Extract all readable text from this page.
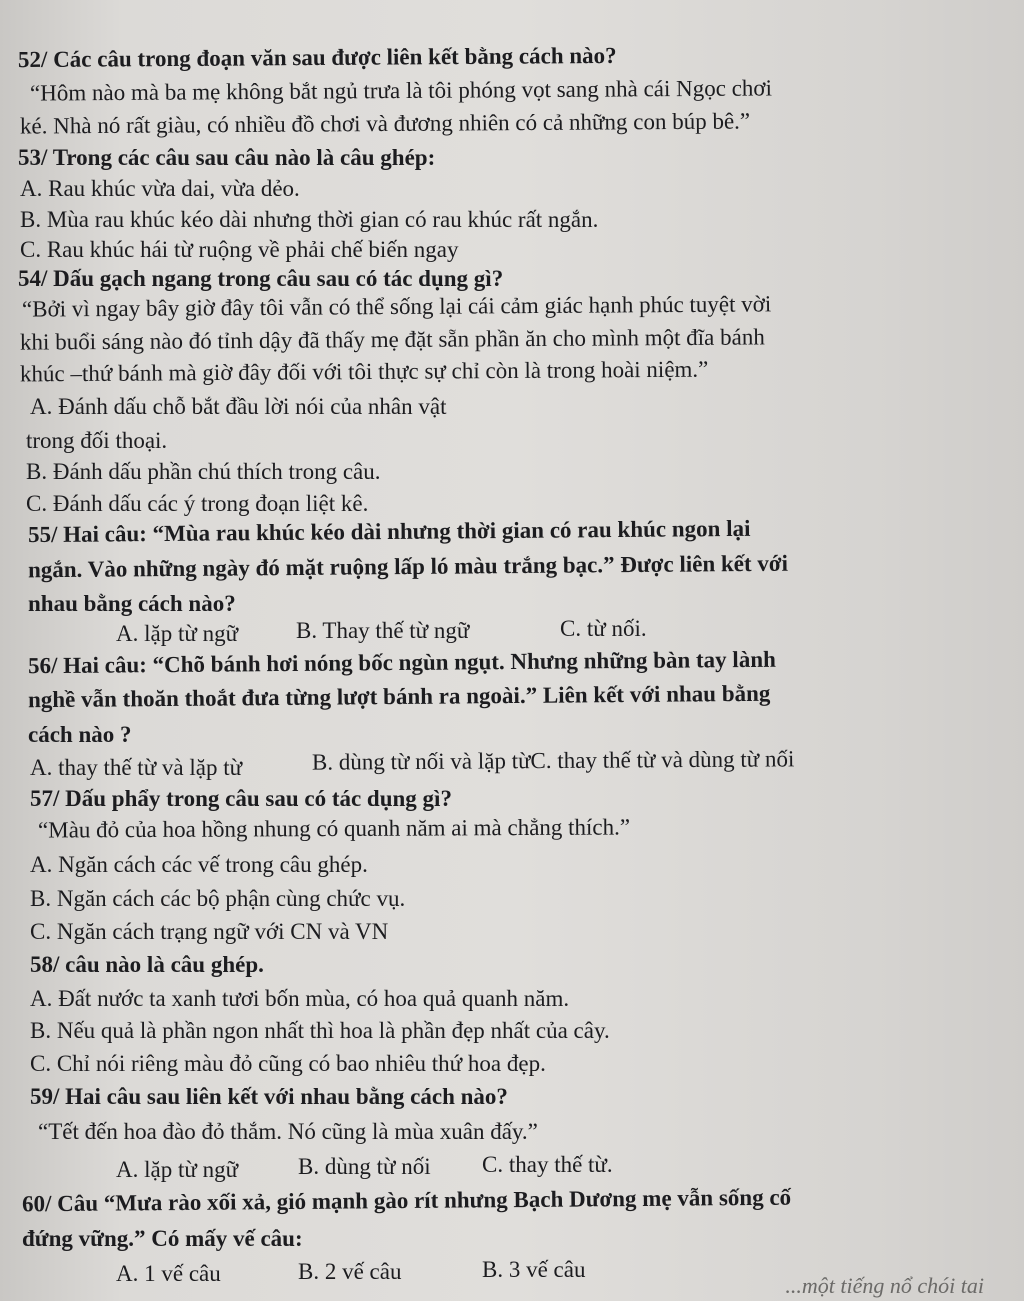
52/ Các câu trong đoạn văn sau được liên kết bằng cách nào?
“Hôm nào mà ba mẹ không bắt ngủ trưa là tôi phóng vọt sang nhà cái Ngọc chơi
ké. Nhà nó rất giàu, có nhiều đồ chơi và đương nhiên có cả những con búp bê.”
53/ Trong các câu sau câu nào là câu ghép:
A. Rau khúc vừa dai, vừa dẻo.
B. Mùa rau khúc kéo dài nhưng thời gian có rau khúc rất ngắn.
C. Rau khúc hái từ ruộng về phải chế biến ngay
54/ Dấu gạch ngang trong câu sau có tác dụng gì?
“Bởi vì ngay bây giờ đây tôi vẫn có thể sống lại cái cảm giác hạnh phúc tuyệt vời
khi buổi sáng nào đó tỉnh dậy đã thấy mẹ đặt sẵn phần ăn cho mình một đĩa bánh
khúc –thứ bánh mà giờ đây đối với tôi thực sự chỉ còn là trong hoài niệm.”
A. Đánh dấu chỗ bắt đầu lời nói của nhân vật
trong đối thoại.
B. Đánh dấu phần chú thích trong câu.
C. Đánh dấu các ý trong đoạn liệt kê.
55/ Hai câu: “Mùa rau khúc kéo dài nhưng thời gian có rau khúc ngon lại
ngắn. Vào những ngày đó mặt ruộng lấp ló màu trắng bạc.” Được liên kết với
nhau bằng cách nào?
A. lặp từ ngữ	B. Thay thế từ ngữ	C. từ nối.
56/ Hai câu: “Chõ bánh hơi nóng bốc ngùn ngụt. Nhưng những bàn tay lành
nghề vẫn thoăn thoắt đưa từng lượt bánh ra ngoài.” Liên kết với nhau bằng
cách nào ?
A. thay thế từ và lặp từ	B. dùng từ nối và lặp từC. thay thế từ và dùng từ nối
57/ Dấu phẩy trong câu sau có tác dụng gì?
“Màu đỏ của hoa hồng nhung có quanh năm ai mà chẳng thích.”
A. Ngăn cách các vế trong câu ghép.
B. Ngăn cách các bộ phận cùng chức vụ.
C. Ngăn cách trạng ngữ với CN và VN
58/ câu nào là câu ghép.
A. Đất nước ta xanh tươi bốn mùa, có hoa quả quanh năm.
B. Nếu quả là phần ngon nhất thì hoa là phần đẹp nhất của cây.
C. Chỉ nói riêng màu đỏ cũng có bao nhiêu thứ hoa đẹp.
59/ Hai câu sau liên kết với nhau bằng cách nào?
“Tết đến hoa đào đỏ thắm. Nó cũng là mùa xuân đấy.”
A. lặp từ ngữ	B. dùng từ nối C. thay thế từ.
60/ Câu “Mưa rào xối xả, gió mạnh gào rít nhưng Bạch Dương mẹ vẫn sống cố
đứng vững.” Có mấy vế câu:
A. 1 vế câu	B. 2 vế câu	B. 3 vế câu
...một tiếng nổ chói tai
